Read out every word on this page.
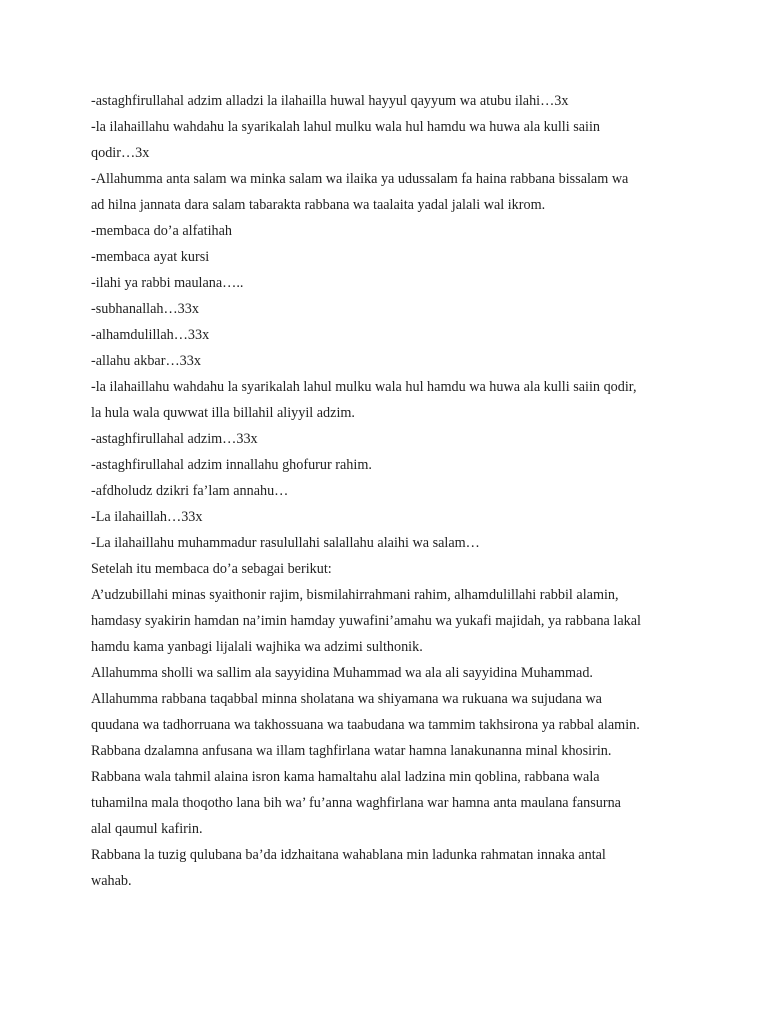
-astaghfirullahal adzim alladzi la ilahailla huwal hayyul qayyum wa atubu ilahi…3x
-la ilahaillahu wahdahu la syarikalah lahul mulku wala hul hamdu wa huwa ala kulli saiin
qodir…3x
-Allahumma anta salam wa minka salam wa ilaika ya udussalam fa haina rabbana bissalam wa
ad hilna jannata dara salam tabarakta rabbana wa taalaita yadal jalali wal ikrom.
-membaca do’a alfatihah
-membaca ayat kursi
-ilahi ya rabbi maulana…..
-subhanallah…33x
-alhamdulillah…33x
-allahu akbar…33x
-la ilahaillahu wahdahu la syarikalah lahul mulku wala hul hamdu wa huwa ala kulli saiin qodir,
la hula wala quwwat illa billahil aliyyil adzim.
-astaghfirullahal adzim…33x
-astaghfirullahal adzim innallahu ghofurur rahim.
-afdholudz dzikri fa’lam annahu…
-La ilahaillah…33x
-La ilahaillahu muhammadur rasulullahi salallahu alaihi wa salam…
Setelah itu membaca do’a sebagai berikut:
A’udzubillahi minas syaithonir rajim, bismilahirrahmani rahim, alhamdulillahi rabbil alamin,
hamdasy syakirin hamdan na’imin hamday yuwafini’amahu wa yukafi majidah, ya rabbana lakal
hamdu kama yanbagi lijalali wajhika wa adzimi sulthonik.
Allahumma sholli wa sallim ala sayyidina Muhammad wa ala ali sayyidina Muhammad.
Allahumma rabbana taqabbal minna sholatana wa shiyamana wa rukuana wa sujudana wa
quudana wa tadhorruana wa takhossuana wa taabudana wa tammim takhsirona ya rabbal alamin.
Rabbana dzalamna anfusana wa illam taghfirlana watar hamna lanakunanna minal khosirin.
Rabbana wala tahmil alaina isron kama hamaltahu alal ladzina min qoblina, rabbana wala
tuhamilna mala thoqotho lana bih wa’ fu’anna waghfirlana war hamna anta maulana fansurna
alal qaumul kafirin.
Rabbana la tuzig qulubana ba’da idzhaitana wahablana min ladunka rahmatan innaka antal
wahab.
